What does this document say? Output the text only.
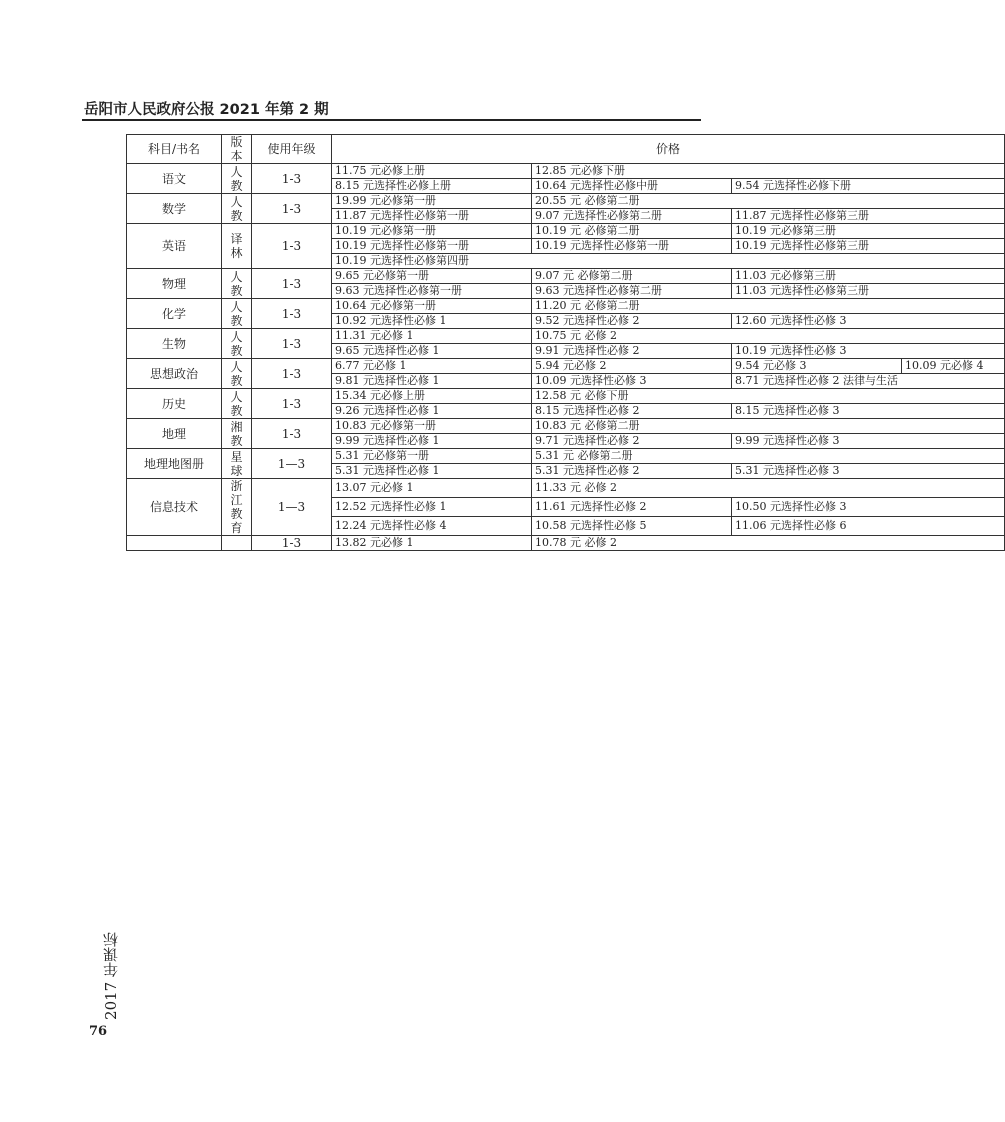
岳阳市人民政府公报 2021 年第 2 期
2017 年课标
科目/书名	版本	使用年级	价格			
语文	人教	1-3	11.75 元必修上册	12.85 元必修下册		
			8.15 元选择性必修上册	10.64 元选择性必修中册	9.54 元选择性必修下册	
数学	人教	1-3	19.99 元必修第一册	20.55 元 必修第二册		
			11.87 元选择性必修第一册	9.07 元选择性必修第二册	11.87 元选择性必修第三册	
英语	译林	1-3	10.19 元必修第一册	10.19 元 必修第二册	10.19 元必修第三册	
			10.19 元选择性必修第一册	10.19 元选择性必修第一册	10.19 元选择性必修第三册	
			10.19 元选择性必修第四册			
物理	人教	1-3	9.65 元必修第一册	9.07 元 必修第二册	11.03 元必修第三册	
			9.63 元选择性必修第一册	9.63 元选择性必修第二册	11.03 元选择性必修第三册	
化学	人教	1-3	10.64 元必修第一册	11.20 元 必修第二册		
			10.92 元选择性必修 1	9.52 元选择性必修 2	12.60 元选择性必修 3	
生物	人教	1-3	11.31 元必修 1	10.75 元 必修 2		
			9.65 元选择性必修 1	9.91 元选择性必修 2	10.19 元选择性必修 3	
思想政治	人教	1-3	6.77 元必修 1	5.94 元必修 2	9.54 元必修 3	10.09 元必修 4
			9.81 元选择性必修 1	10.09 元选择性必修 3	8.71 元选择性必修 2 法律与生活	
历史	人教	1-3	15.34 元必修上册	12.58 元 必修下册		
			9.26 元选择性必修 1	8.15 元选择性必修 2	8.15 元选择性必修 3	
地理	湘教	1-3	10.83 元必修第一册	10.83 元 必修第二册		
			9.99 元选择性必修 1	9.71 元选择性必修 2	9.99 元选择性必修 3	
地理地图册	星球	1—3	5.31 元必修第一册	5.31 元 必修第二册		
			5.31 元选择性必修 1	5.31 元选择性必修 2	5.31 元选择性必修 3	
信息技术	浙江教育	1—3	13.07 元必修 1	11.33 元 必修 2		
			12.52 元选择性必修 1	11.61 元选择性必修 2	10.50 元选择性必修 3	
			12.24 元选择性必修 4	10.58 元选择性必修 5	11.06 元选择性必修 6	
		1-3	13.82 元必修 1	10.78 元 必修 2		
76
